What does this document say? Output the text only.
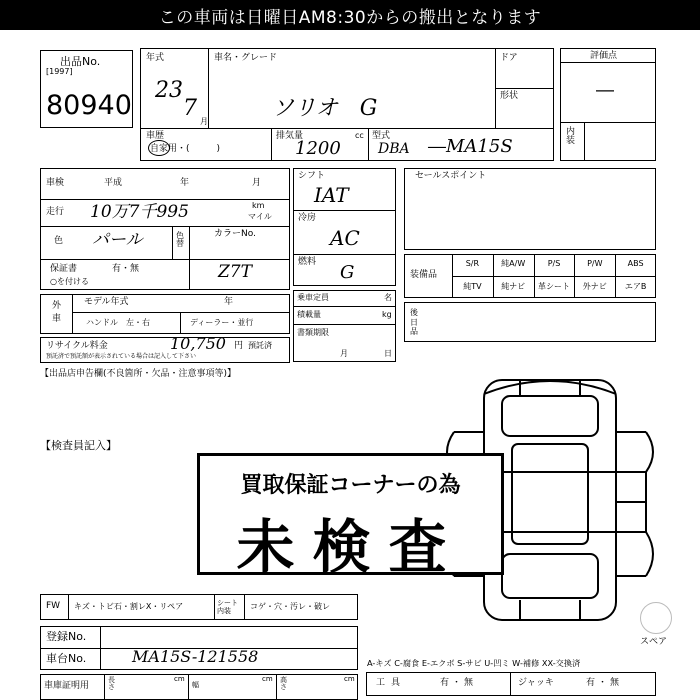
この車両は日曜日AM8:30からの搬出となります
出品No.
[1997]
80940
年式
23
7
月
車名・グレード
ソリオ　G
ドア
形状
車歴
自家用・(　　　)
排気量	cc
1200
型式
DBA ―MA15S
評価点
―
内装
車検	平成	年	月
走行 10万7千995	km
マイル
色 パール	色替
カラーNo.
Z7T
保証書	有・無
○を付ける
外車
モデル年式	年
ハンドル　左・右	ディーラー・並行
リサイクル料金	10,750 円 預託済
預託済で預託額が表示されている場合は記入して下さい
【出品店申告欄(不良箇所・欠品・注意事項等)】
シフト
IAT
冷房
AC
燃料 G
乗車定員	名
積載量	kg
書類期限
月	日
セールスポイント
装備品
S/R	純A/W	P/S	P/W	ABS
純TV	純ナビ	革シート	外ナビ	エアB
後日品
【検査員記入】
買取保証コーナーの為
未検査
FW キズ・トビ石・割レX・リペア	シート内装
コゲ・穴・汚レ・破レ
登録No.
車台No.	MA15S-121558
車庫証明用
長さ
cm
幅
cm 高さ
cm
スペア
A-キズ C-腐食 E-エクボ S-サビ U-凹ミ W-補修 XX-交換済
工具	有・無	ジャッキ	有・無
